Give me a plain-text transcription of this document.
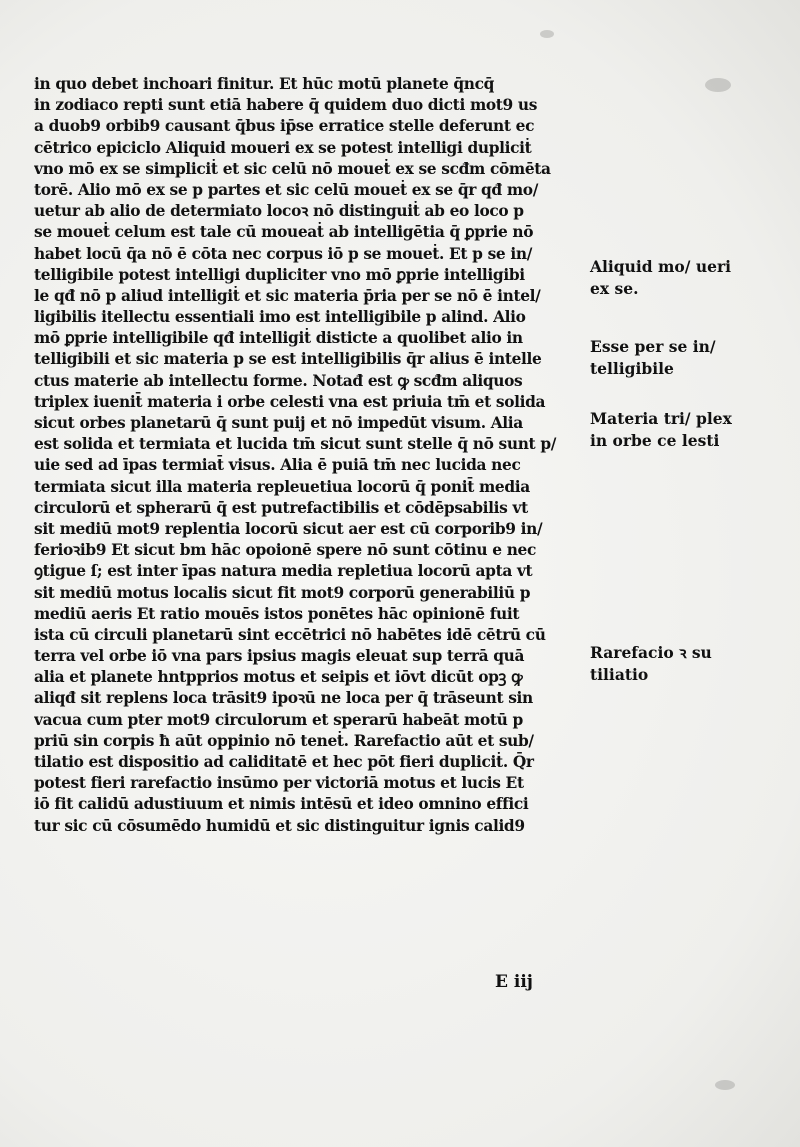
in quo debet inchoari finitur. Et hūc motū planete q̄ncq̄
in zodiaco repti sunt etiā habere q̄ quidem duo dicti mot9 us
a duob9 orbib9 causant q̄bus ip̄se erratice stelle deferunt ec
cētrico epiciclo Aliquid moueri ex se potest intelligi dupliciṫ
vno mō ex se simpliciṫ et sic celū nō moueṫ ex se scđm cōmēta
torē. Alio mō ex se p partes et sic celū moueṫ ex se q̄r qđ mo/
uetur ab alio de determiato locoꝛ nō distinguiṫ ab eo loco p
se moueṫ celum est tale cū moueaṫ ab intelligētia q̄ ꝑprie nō
habet locū q̄a nō ē cōta nec corpus iō p se moueṫ. Et p se in/
telligibile potest intelligi dupliciter vno mō ꝑprie intelligibi
le qđ nō p aliud intelligiṫ et sic materia p̄ria per se nō ē intel/
ligibilis itellectu essentiali imo est intelligibile p alind. Alio
mō ꝑprie intelligibile qđ intelligiṫ disticte a quolibet alio in
telligibili et sic materia p se est intelligibilis q̄r alius ē intelle
ctus materie ab intellectu forme. Notađ est ꝙ scđm aliquos
triplex iuenit̄ materia i orbe celesti vna est priuia tm̄ et solida
sicut orbes planetarū q̄ sunt puij et nō impedūt visum. Alia
est solida et termiata et lucida tm̄ sicut sunt stelle q̄ nō sunt p/
uie sed ad īpas termiat̄ visus. Alia ē puiā tm̄ nec lucida nec
termiata sicut illa materia repleuetiua locorū q̄ ponit̄ media
circulorū et spherarū q̄ est putrefactibilis et cōdēpsabilis vt
sit mediū mot9 replentia locorū sicut aer est cū corporib9 in/
ferioꝛib9 Et sicut bm hāc opoionē spere nō sunt cōtinu e nec
ꝯtigue ſ; est inter īpas natura media repletiua locorū apta vt
sit mediū motus localis sicut fit mot9 corporū generabiliū p
mediū aeris Et ratio mouēs istos ponētes hāc opinionē fuit
ista cū circuli planetarū sint eccētrici nō habētes idē cētrū cū
terra vel orbe iō vna pars ipsius magis eleuat sup terrā quā
alia et planete hntpprios motus et seipis et iōvt dicūt opꝫ ꝙ
aliqđ sit replens loca trāsit9 ipoꝛū ne loca per q̄ trāseunt sin
vacua cum pter mot9 circulorum et sperarū habeāt motū p
priū sin corpis ħ aūt oppinio nō teneṫ. Rarefactio aūt et sub/
tilatio est dispositio ad caliditatē et hec pōt fieri dupliciṫ. Q̄r
potest fieri rarefactio insūmo per victoriā motus et lucis Et
iō fit calidū adustiuum et nimis intēsū et ideo omnino effici
tur sic cū cōsumēdo humidū et sic distinguitur ignis calid9
Aliquid mo/ ueri ex se.
Esse per se in/ telligibile
Materia tri/ plex in orbe ce lesti
Rarefacio ꝛ su tiliatio
E iij
